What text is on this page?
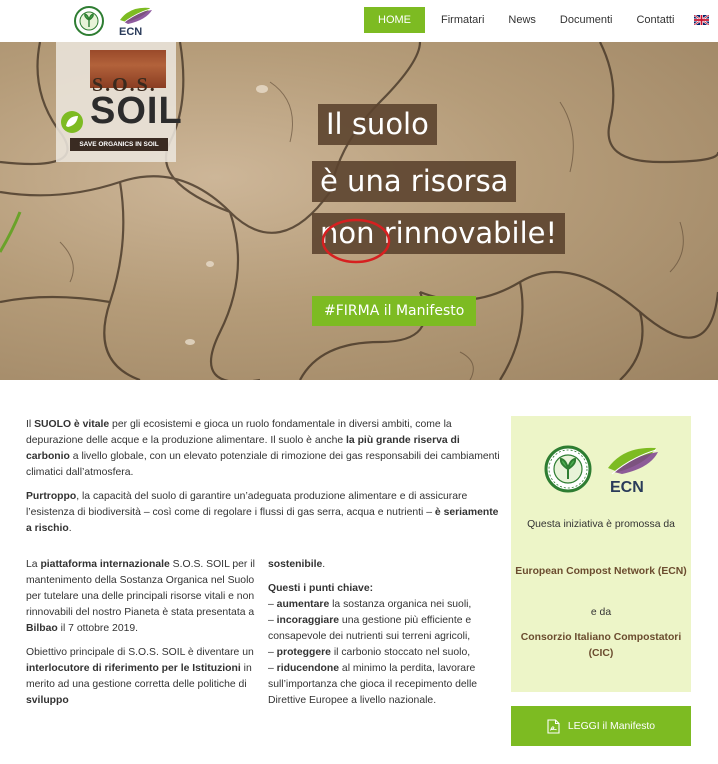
ECN
HOME	Firmatari	News	Documenti	Contatti
S.O.S.
SOIL
SAVE ORGANICS IN SOIL
Il suolo
è una risorsa
non rinnovabile!
#FIRMA il Manifesto

Il SUOLO è vitale per gli ecosistemi e gioca un ruolo fondamentale in diversi ambiti, come la depurazione delle acque e la produzione alimentare. Il suolo è anche la più grande riserva di carbonio a livello globale, con un elevato potenziale di rimozione dei gas responsabili dei cambiamenti climatici dall’atmosfera.

Purtroppo, la capacità del suolo di garantire un’adeguata produzione alimentare e di assicurare l’esistenza di biodiversità – così come di regolare i flussi di gas serra, acqua e nutrienti – è seriamente a rischio.

La piattaforma internazionale S.O.S. SOIL per il mantenimento della Sostanza Organica nel Suolo per tutelare una delle principali risorse vitali e non rinnovabili del nostro Pianeta è stata presentata a Bilbao il 7 ottobre 2019.

Obiettivo principale di S.O.S. SOIL è diventare un interlocutore di riferimento per le Istituzioni in merito ad una gestione corretta delle politiche di sviluppo

sostenibile.

Questi i punti chiave:
– aumentare la sostanza organica nei suoli,
– incoraggiare una gestione più efficiente e consapevole dei nutrienti sui terreni agricoli,
– proteggere il carbonio stoccato nel suolo,
– riducendone al minimo la perdita, lavorare sull’importanza che gioca il recepimento delle Direttive Europee a livello nazionale.
ECN
Questa iniziativa è promossa da
European Compost Network (ECN)
e da
Consorzio Italiano Compostatori (CIC)
LEGGI il Manifesto
